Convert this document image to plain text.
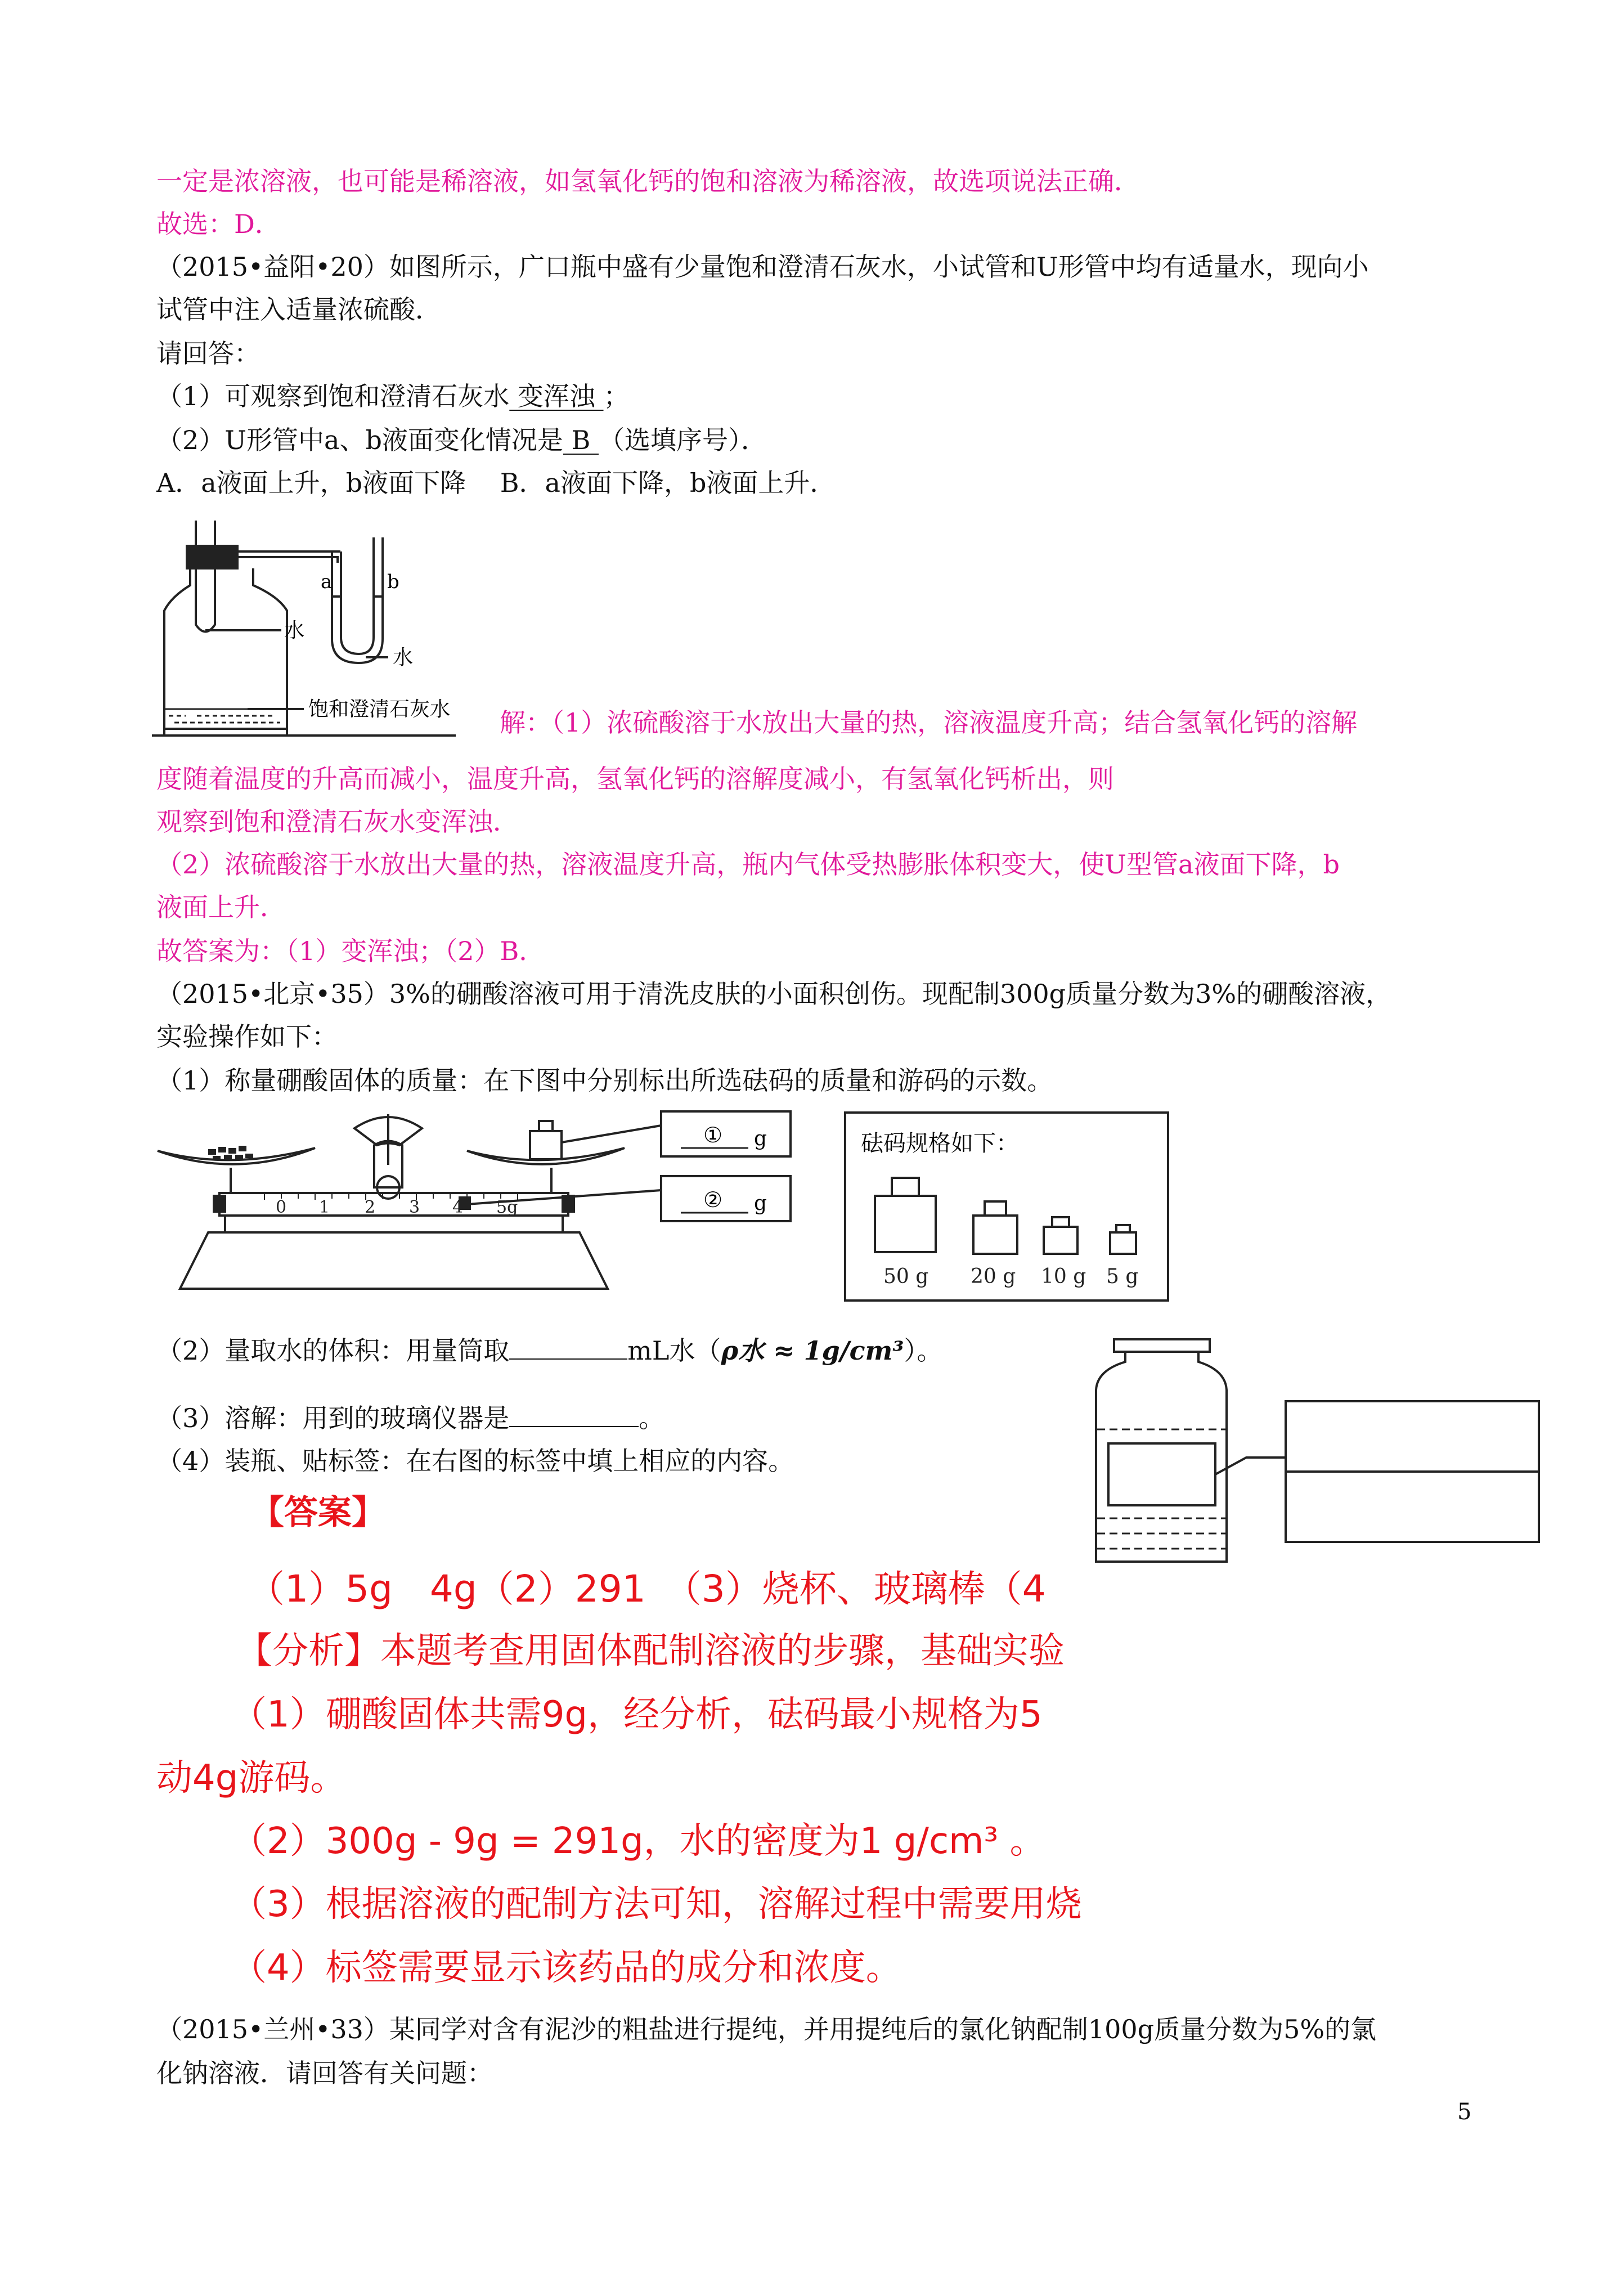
一定是浓溶液，也可能是稀溶液，如氢氧化钙的饱和溶液为稀溶液，故选项说法正确．
故选：D．
（2015•益阳•20）如图所示，广口瓶中盛有少量饱和澄清石灰水，小试管和U形管中均有适量水，现向小
试管中注入适量浓硫酸．
请回答：
（1）可观察到饱和澄清石灰水 变浑浊 ；
（2）U形管中a、b液面变化情况是 B （选填序号）．
A．a液面上升，b液面下降　 B．a液面下降，b液面上升．
a	b
水
水
饱和澄清石灰水 解：（1）浓硫酸溶于水放出大量的热，溶液温度升高；结合氢氧化钙的溶解
度随着温度的升高而减小，温度升高，氢氧化钙的溶解度减小，有氢氧化钙析出，则
观察到饱和澄清石灰水变浑浊．
（2）浓硫酸溶于水放出大量的热，溶液温度升高，瓶内气体受热膨胀体积变大，使U型管a液面下降，b
液面上升．
故答案为：（1）变浑浊；（2）B．
（2015•北京•35）3%的硼酸溶液可用于清洗皮肤的小面积创伤。现配制300g质量分数为3%的硼酸溶液，
实验操作如下：
（1）称量硼酸固体的质量：在下图中分别标出所选砝码的质量和游码的示数。
0 1 2 3 4 5g
① g
② g
砝码规格如下：
50 g 20 g 10 g 5 g
（2）量取水的体积：用量筒取	mL水（ρ水 ≈ 1g/cm³）。
（3）溶解：用到的玻璃仪器是	。
（4）装瓶、贴标签：在右图的标签中填上相应的内容。
【答案】
（1）5g　4g（2）291　（3）烧杯、玻璃棒（4
【分析】本题考查用固体配制溶液的步骤，基础实验
（1）硼酸固体共需9g，经分析，砝码最小规格为5
动4g游码。
（2）300g - 9g = 291g，水的密度为1 g/cm³ 。
（3）根据溶液的配制方法可知，溶解过程中需要用烧
（4）标签需要显示该药品的成分和浓度。
（2015•兰州•33）某同学对含有泥沙的粗盐进行提纯，并用提纯后的氯化钠配制100g质量分数为5%的氯
化钠溶液．请回答有关问题：
5
